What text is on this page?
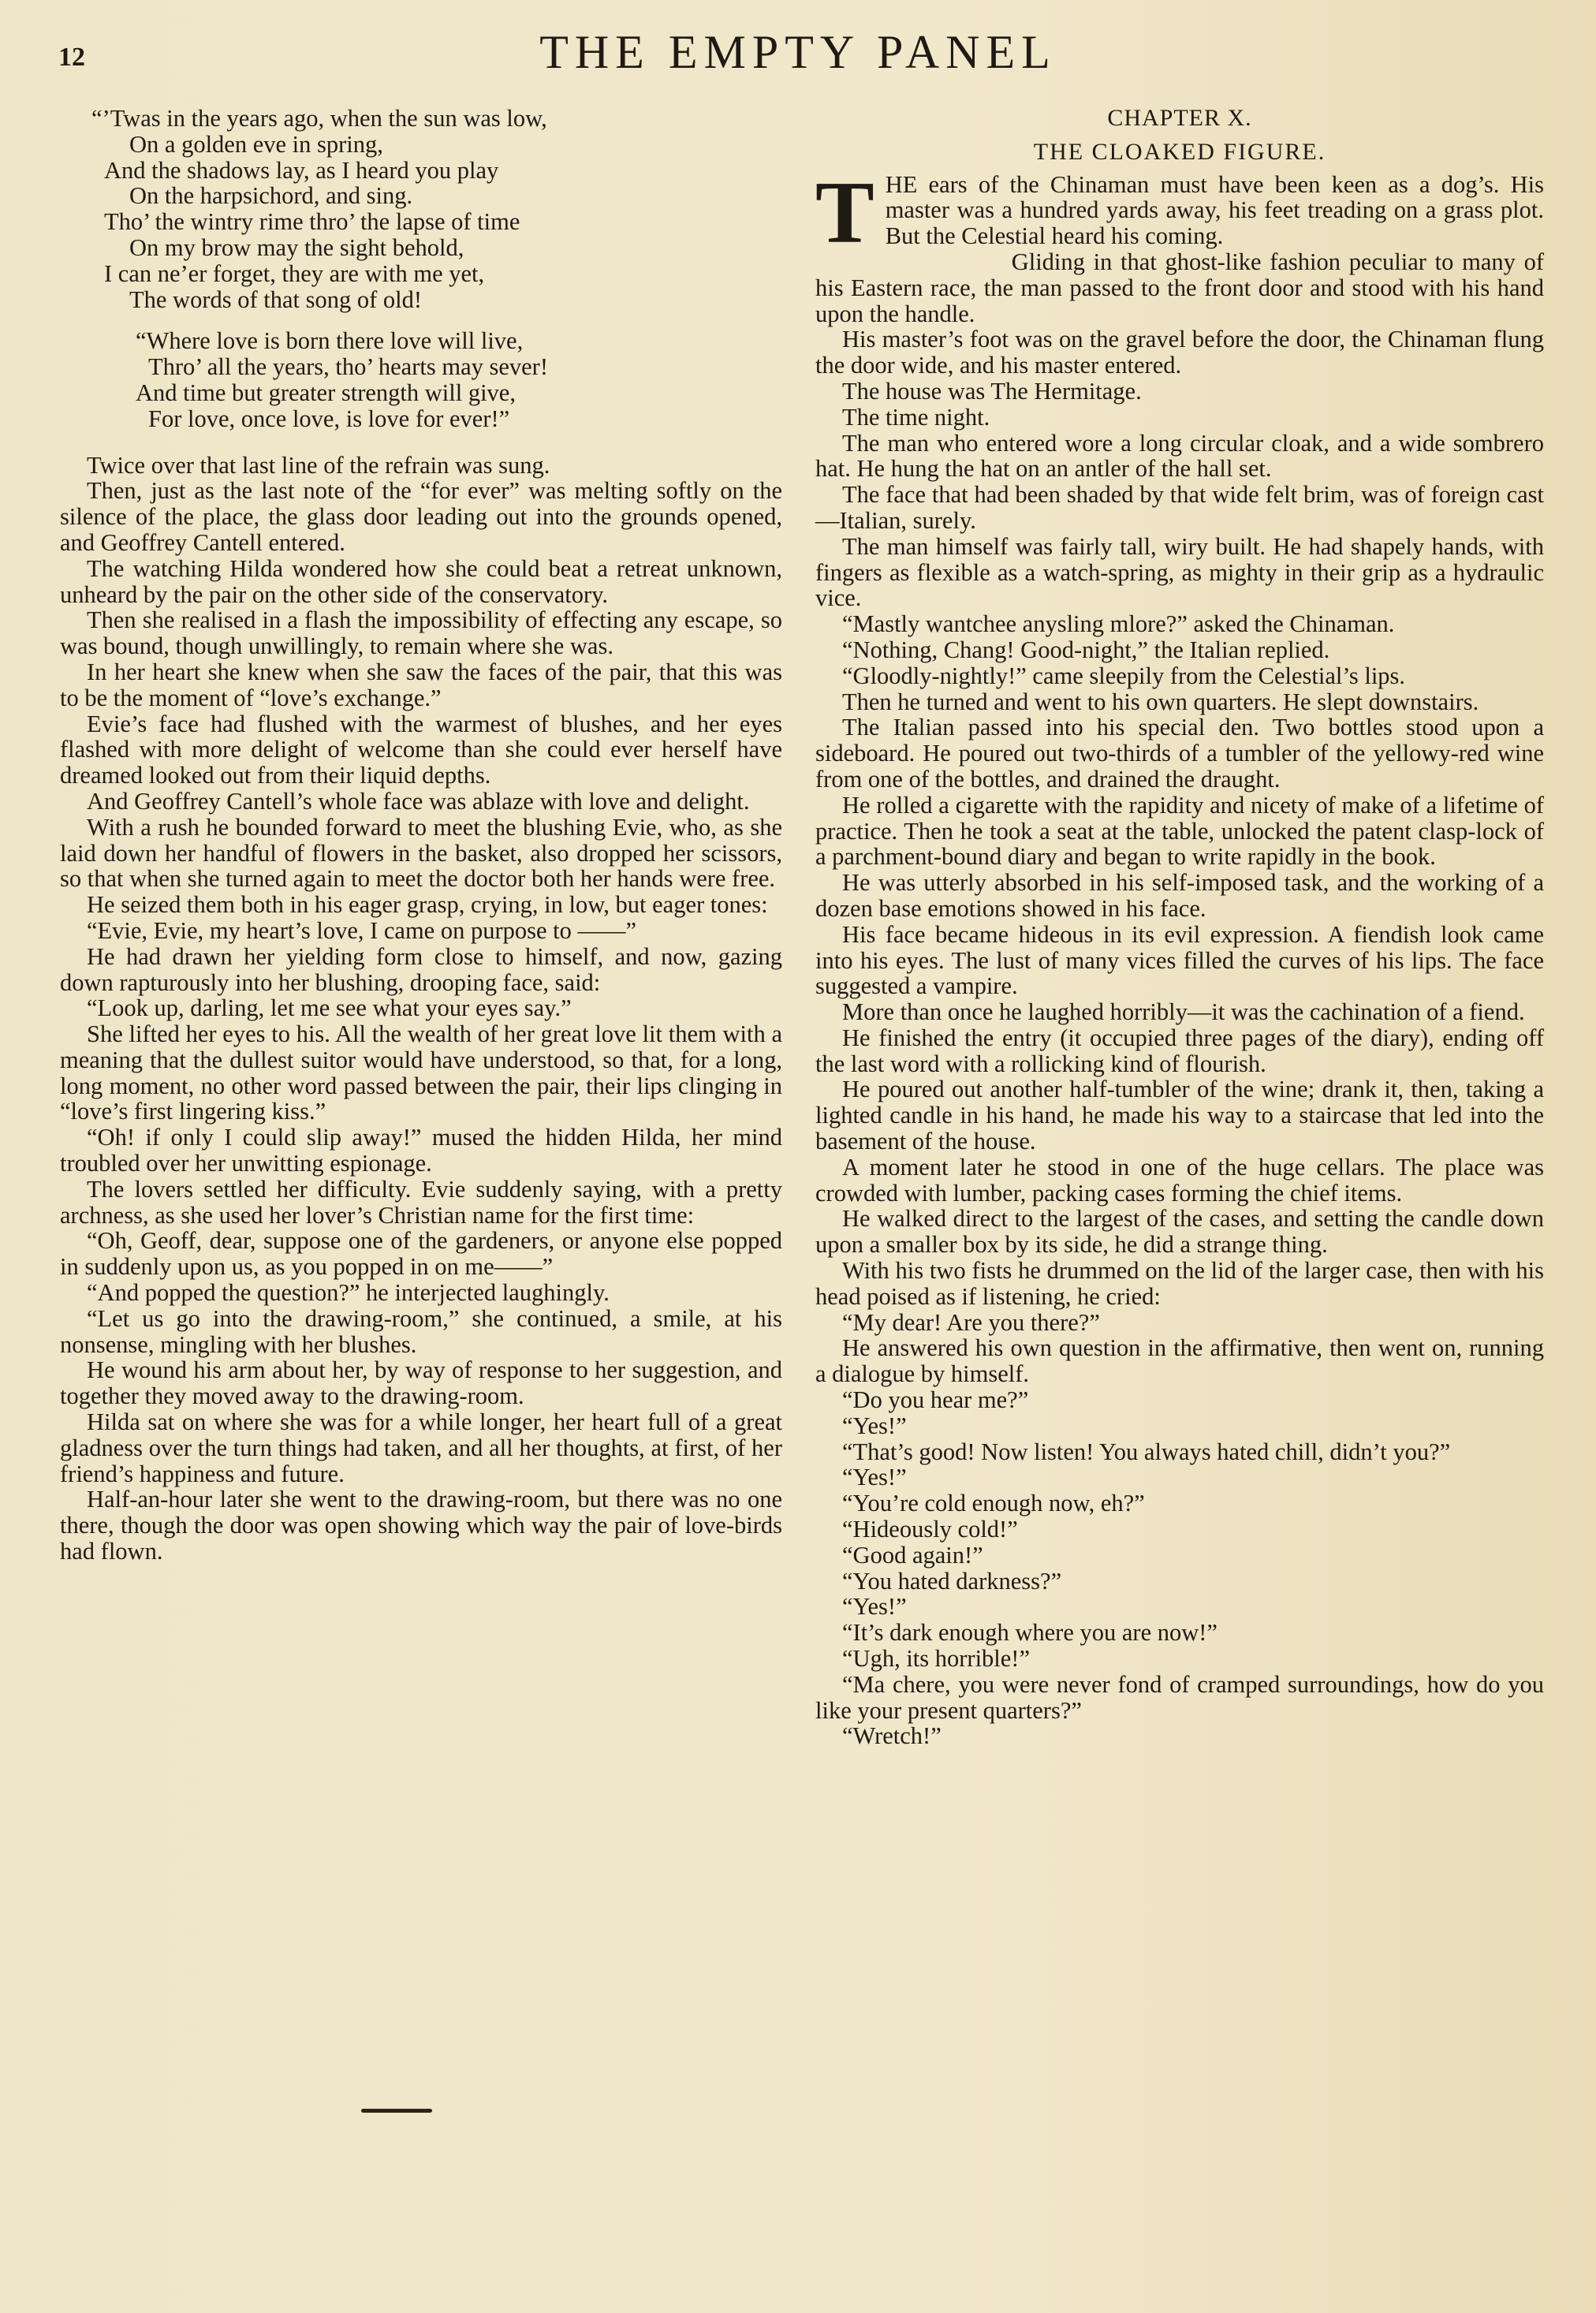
12	THE EMPTY PANEL
“’Twas in the years ago, when the sun was low,
On a golden eve in spring,
And the shadows lay, as I heard you play
On the harpsichord, and sing.
Tho’ the wintry rime thro’ the lapse of time
On my brow may the sight behold,
I can ne’er forget, they are with me yet,
The words of that song of old!
“Where love is born there love will live,
Thro’ all the years, tho’ hearts may sever!
And time but greater strength will give,
For love, once love, is love for ever!”

Twice over that last line of the refrain was sung.

Then, just as the last note of the “for ever” was melting softly on the silence of the place, the glass door leading out into the grounds opened, and Geoffrey Cantell entered.

The watching Hilda wondered how she could beat a retreat unknown, unheard by the pair on the other side of the conservatory.

Then she realised in a flash the impossibility of effecting any escape, so was bound, though unwillingly, to remain where she was.

In her heart she knew when she saw the faces of the pair, that this was to be the moment of “love’s exchange.”

Evie’s face had flushed with the warmest of blushes, and her eyes flashed with more delight of welcome than she could ever herself have dreamed looked out from their liquid depths.

And Geoffrey Cantell’s whole face was ablaze with love and delight.

With a rush he bounded forward to meet the blushing Evie, who, as she laid down her handful of flowers in the basket, also dropped her scissors, so that when she turned again to meet the doctor both her hands were free.

He seized them both in his eager grasp, crying, in low, but eager tones:

“Evie, Evie, my heart’s love, I came on purpose to ——”

He had drawn her yielding form close to himself, and now, gazing down rapturously into her blushing, drooping face, said:

“Look up, darling, let me see what your eyes say.”

She lifted her eyes to his. All the wealth of her great love lit them with a meaning that the dullest suitor would have understood, so that, for a long, long moment, no other word passed between the pair, their lips clinging in “love’s first lingering kiss.”

“Oh! if only I could slip away!” mused the hidden Hilda, her mind troubled over her unwitting espionage.

The lovers settled her difficulty. Evie suddenly saying, with a pretty archness, as she used her lover’s Christian name for the first time:

“Oh, Geoff, dear, suppose one of the gardeners, or anyone else popped in suddenly upon us, as you popped in on me——”

“And popped the question?” he interjected laughingly.

“Let us go into the drawing-room,” she continued, a smile, at his nonsense, mingling with her blushes.

He wound his arm about her, by way of response to her suggestion, and together they moved away to the drawing-room.

Hilda sat on where she was for a while longer, her heart full of a great gladness over the turn things had taken, and all her thoughts, at first, of her friend’s happiness and future.

Half-an-hour later she went to the drawing-room, but there was no one there, though the door was open showing which way the pair of love-birds had flown.

CHAPTER X.
THE CLOAKED FIGURE.

THE ears of the Chinaman must have been keen as a dog’s. His master was a hundred yards away, his feet treading on a grass plot. But the Celestial heard his coming.

Gliding in that ghost-like fashion peculiar to many of his Eastern race, the man passed to the front door and stood with his hand upon the handle.

His master’s foot was on the gravel before the door, the Chinaman flung the door wide, and his master entered.

The house was The Hermitage.

The time night.

The man who entered wore a long circular cloak, and a wide sombrero hat. He hung the hat on an antler of the hall set.

The face that had been shaded by that wide felt brim, was of foreign cast—Italian, surely.

The man himself was fairly tall, wiry built. He had shapely hands, with fingers as flexible as a watch-spring, as mighty in their grip as a hydraulic vice.

“Mastly wantchee anysling mlore?” asked the Chinaman.

“Nothing, Chang! Good-night,” the Italian replied.

“Gloodly-nightly!” came sleepily from the Celestial’s lips.

Then he turned and went to his own quarters. He slept downstairs.

The Italian passed into his special den. Two bottles stood upon a sideboard. He poured out two-thirds of a tumbler of the yellowy-red wine from one of the bottles, and drained the draught.

He rolled a cigarette with the rapidity and nicety of make of a lifetime of practice. Then he took a seat at the table, unlocked the patent clasp-lock of a parchment-bound diary and began to write rapidly in the book.

He was utterly absorbed in his self-imposed task, and the working of a dozen base emotions showed in his face.

His face became hideous in its evil expression. A fiendish look came into his eyes. The lust of many vices filled the curves of his lips. The face suggested a vampire.

More than once he laughed horribly—it was the cachination of a fiend.

He finished the entry (it occupied three pages of the diary), ending off the last word with a rollicking kind of flourish.

He poured out another half-tumbler of the wine; drank it, then, taking a lighted candle in his hand, he made his way to a staircase that led into the basement of the house.

A moment later he stood in one of the huge cellars. The place was crowded with lumber, packing cases forming the chief items.

He walked direct to the largest of the cases, and setting the candle down upon a smaller box by its side, he did a strange thing.

With his two fists he drummed on the lid of the larger case, then with his head poised as if listening, he cried:

“My dear! Are you there?”

He answered his own question in the affirmative, then went on, running a dialogue by himself.

“Do you hear me?”

“Yes!”

“That’s good! Now listen! You always hated chill, didn’t you?”

“Yes!”

“You’re cold enough now, eh?”

“Hideously cold!”

“Good again!”

“You hated darkness?”

“Yes!”

“It’s dark enough where you are now!”

“Ugh, its horrible!”

“Ma chere, you were never fond of cramped surroundings, how do you like your present quarters?”

“Wretch!”
